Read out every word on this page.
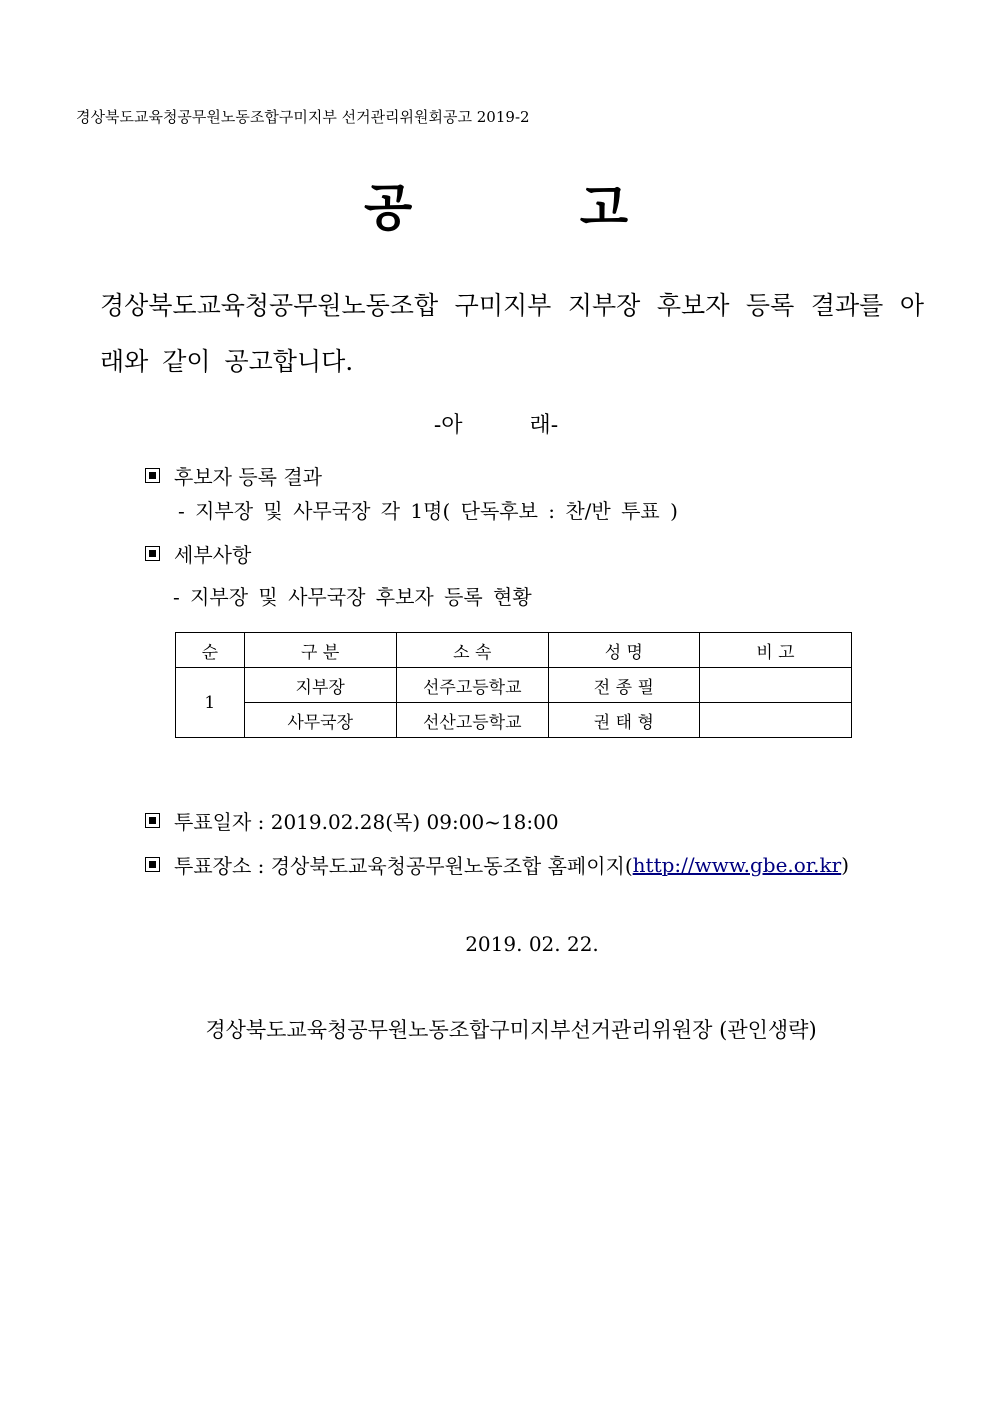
경상북도교육청공무원노동조합구미지부 선거관리위원회공고 2019-2
공 고
경상북도교육청공무원노동조합 구미지부 지부장 후보자 등록 결과를 아래와 같이 공고합니다.
-아 래-
후보자 등록 결과
- 지부장 및 사무국장 각 1명( 단독후보 : 찬/반 투표 )
세부사항
- 지부장 및 사무국장 후보자 등록 현황
순	구 분	소 속	성 명	비 고
1	지부장	선주고등학교	전 종 필	
	사무국장	선산고등학교	권 태 형	
투표일자 : 2019.02.28(목) 09:00~18:00
투표장소 : 경상북도교육청공무원노동조합 홈페이지( http://www.gbe.or.kr )
2019. 02. 22.
경상북도교육청공무원노동조합구미지부선거관리위원장 (관인생략)
